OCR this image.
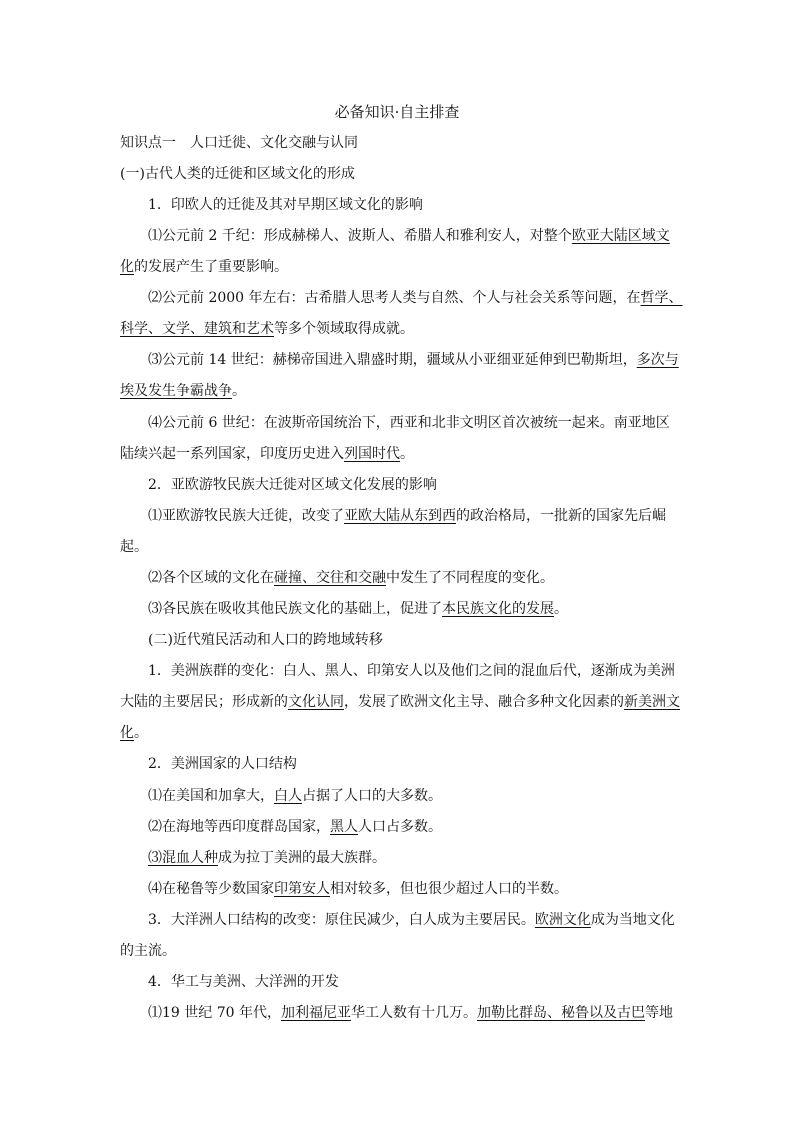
必备知识·自主排查
知识点一　人口迁徙、文化交融与认同
(一)古代人类的迁徙和区域文化的形成
1．印欧人的迁徙及其对早期区域文化的影响
⑴公元前 2 千纪：形成赫梯人、波斯人、希腊人和雅利安人，对整个欧亚大陆区域文
化的发展产生了重要影响。
⑵公元前 2000 年左右：古希腊人思考人类与自然、个人与社会关系等问题，在哲学、
科学、文学、建筑和艺术等多个领域取得成就。
⑶公元前 14 世纪：赫梯帝国进入鼎盛时期，疆域从小亚细亚延伸到巴勒斯坦，多次与
埃及发生争霸战争。
⑷公元前 6 世纪：在波斯帝国统治下，西亚和北非文明区首次被统一起来。南亚地区
陆续兴起一系列国家，印度历史进入列国时代。
2．亚欧游牧民族大迁徙对区域文化发展的影响
⑴亚欧游牧民族大迁徙，改变了亚欧大陆从东到西的政治格局，一批新的国家先后崛
起。
⑵各个区域的文化在碰撞、交往和交融中发生了不同程度的变化。
⑶各民族在吸收其他民族文化的基础上，促进了本民族文化的发展。
(二)近代殖民活动和人口的跨地域转移
1．美洲族群的变化：白人、黑人、印第安人以及他们之间的混血后代，逐渐成为美洲
大陆的主要居民；形成新的文化认同，发展了欧洲文化主导、融合多种文化因素的新美洲文
化。
2．美洲国家的人口结构
⑴在美国和加拿大，白人占据了人口的大多数。
⑵在海地等西印度群岛国家，黑人人口占多数。
⑶混血人种成为拉丁美洲的最大族群。
⑷在秘鲁等少数国家印第安人相对较多，但也很少超过人口的半数。
3．大洋洲人口结构的改变：原住民减少，白人成为主要居民。欧洲文化成为当地文化
的主流。
4．华工与美洲、大洋洲的开发
⑴19 世纪 70 年代，加利福尼亚华工人数有十几万。加勒比群岛、秘鲁以及古巴等地
